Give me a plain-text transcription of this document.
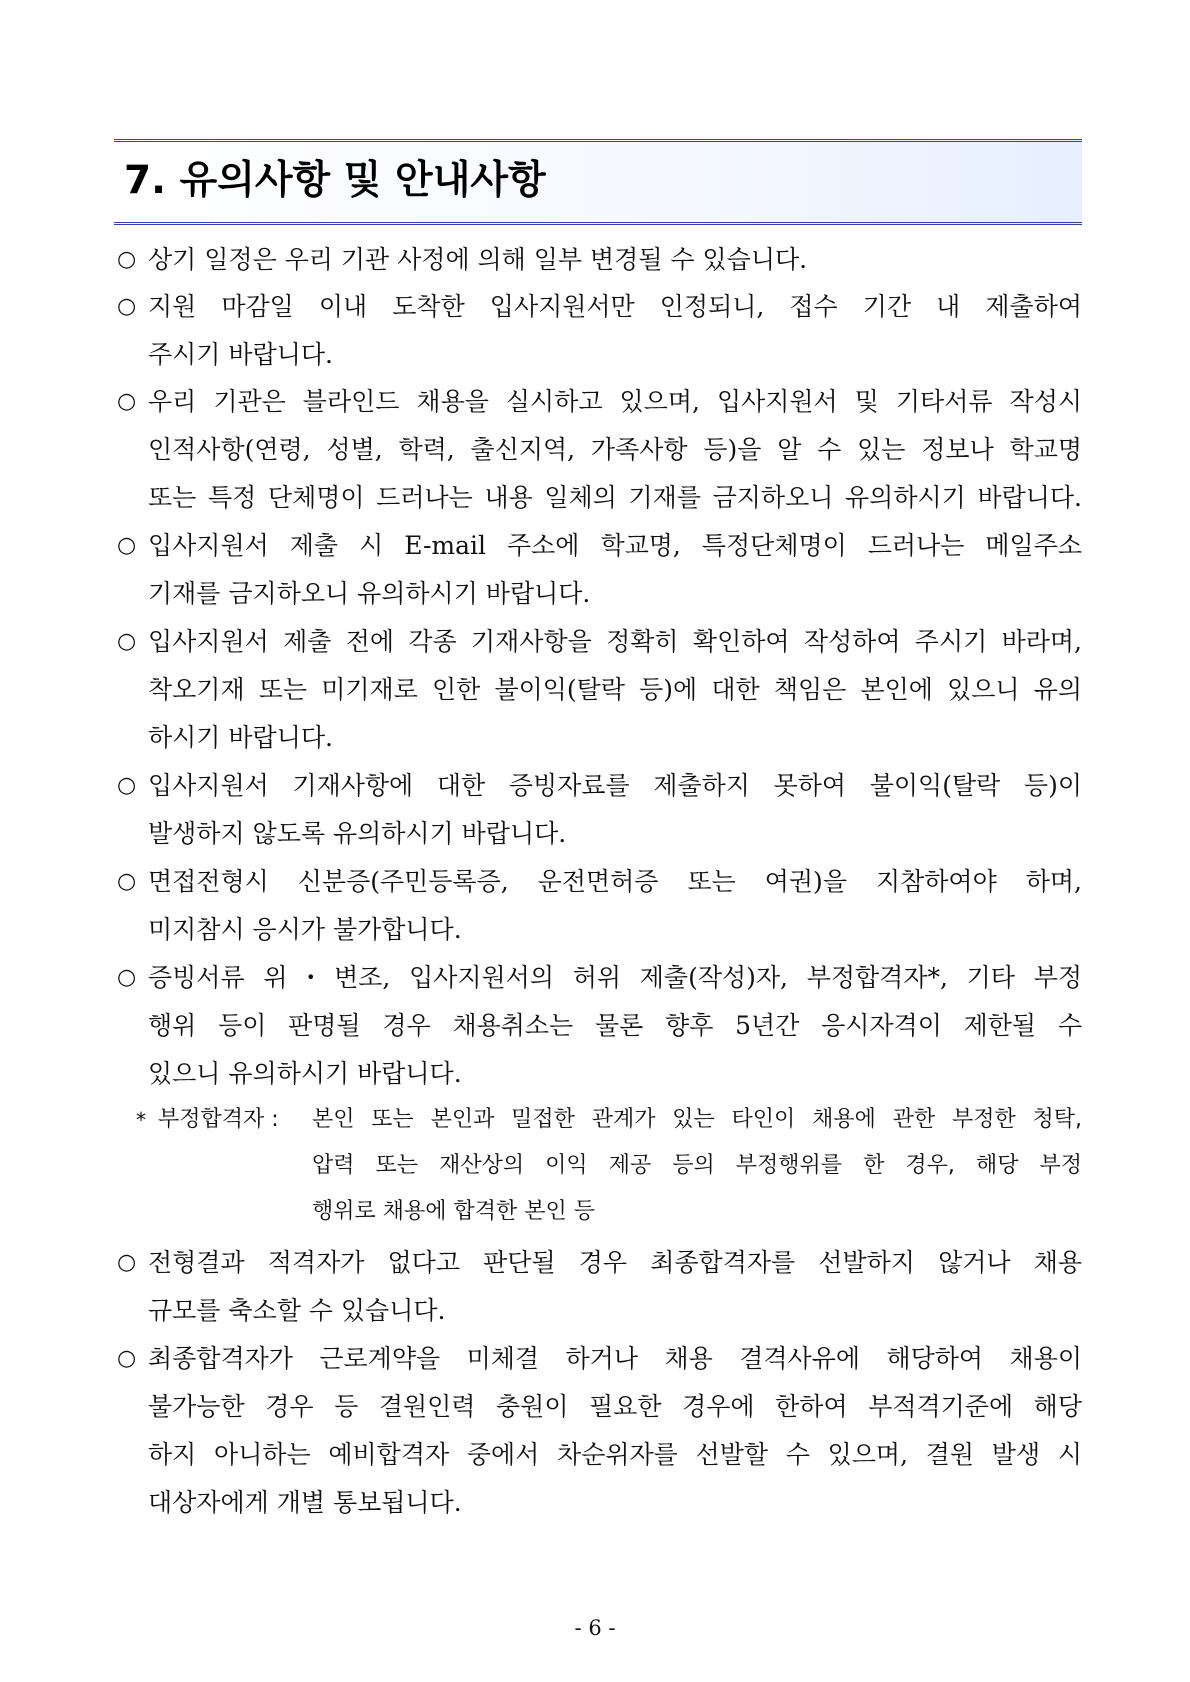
7. 유의사항 및 안내사항
○ 상기 일정은 우리 기관 사정에 의해 일부 변경될 수 있습니다.
○ 지원 마감일 이내 도착한 입사지원서만 인정되니, 접수 기간 내 제출하여
주시기 바랍니다.
○ 우리 기관은 블라인드 채용을 실시하고 있으며, 입사지원서 및 기타서류 작성시
인적사항(연령, 성별, 학력, 출신지역, 가족사항 등)을 알 수 있는 정보나 학교명
또는 특정 단체명이 드러나는 내용 일체의 기재를 금지하오니 유의하시기 바랍니다.
○ 입사지원서 제출 시 E-mail 주소에 학교명, 특정단체명이 드러나는 메일주소
기재를 금지하오니 유의하시기 바랍니다.
○ 입사지원서 제출 전에 각종 기재사항을 정확히 확인하여 작성하여 주시기 바라며,
착오기재 또는 미기재로 인한 불이익(탈락 등)에 대한 책임은 본인에 있으니 유의
하시기 바랍니다.
○ 입사지원서 기재사항에 대한 증빙자료를 제출하지 못하여 불이익(탈락 등)이
발생하지 않도록 유의하시기 바랍니다.
○ 면접전형시 신분증(주민등록증, 운전면허증 또는 여권)을 지참하여야 하며,
미지참시 응시가 불가합니다.
○ 증빙서류 위・변조, 입사지원서의 허위 제출(작성)자, 부정합격자*, 기타 부정
행위 등이 판명될 경우 채용취소는 물론 향후 5년간 응시자격이 제한될 수
있으니 유의하시기 바랍니다.
* 부정합격자 :	본인 또는 본인과 밀접한 관계가 있는 타인이 채용에 관한 부정한 청탁,
압력 또는 재산상의 이익 제공 등의 부정행위를 한 경우, 해당 부정
행위로 채용에 합격한 본인 등
○ 전형결과 적격자가 없다고 판단될 경우 최종합격자를 선발하지 않거나 채용
규모를 축소할 수 있습니다.
○ 최종합격자가 근로계약을 미체결 하거나 채용 결격사유에 해당하여 채용이
불가능한 경우 등 결원인력 충원이 필요한 경우에 한하여 부적격기준에 해당
하지 아니하는 예비합격자 중에서 차순위자를 선발할 수 있으며, 결원 발생 시
대상자에게 개별 통보됩니다.
- 6 -
